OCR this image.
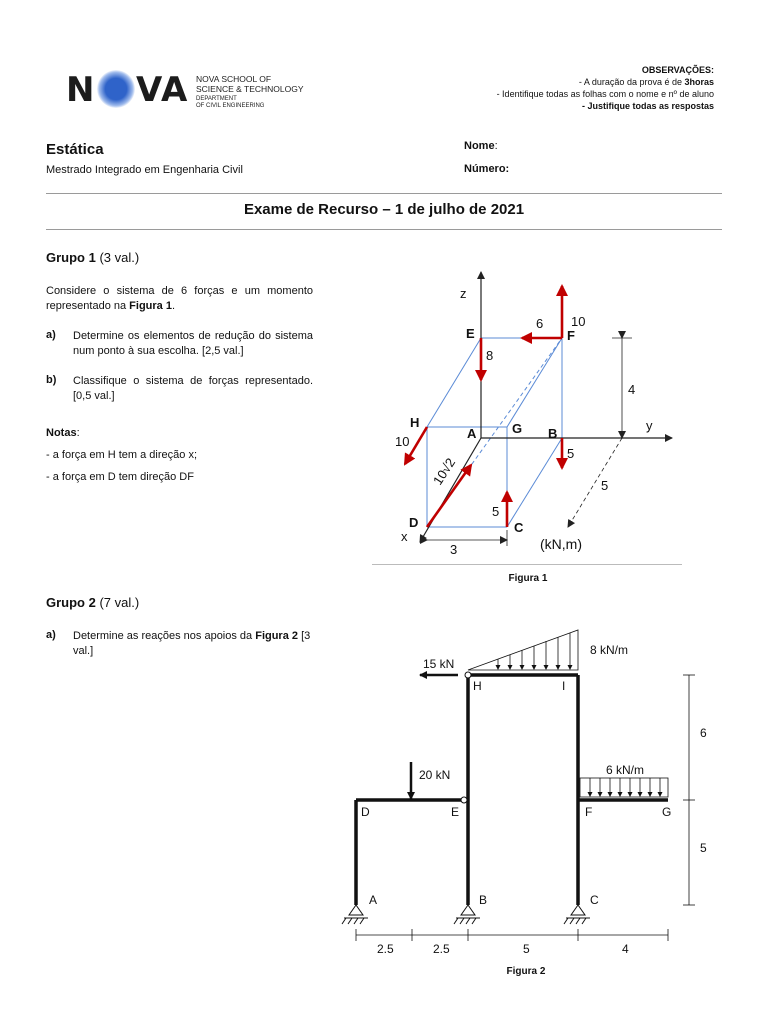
N VA NOVA SCHOOL OF
SCIENCE & TECHNOLOGY
DEPARTMENT
OF CIVIL ENGINEERING
OBSERVAÇÕES:
- A duração da prova é de 3horas
- Identifique todas as folhas com o nome e nº de aluno
- Justifique todas as respostas
Estática
Mestrado Integrado em Engenharia Civil
Nome:
Número:
Exame de Recurso – 1 de julho de 2021
Grupo 1 (3 val.)
Considere o sistema de 6 forças e um momento representado na Figura 1.
a) Determine os elementos de redução do sistema num ponto à sua escolha. [2,5 val.]
b) Classifique o sistema de forças representado. [0,5 val.]
Notas:
- a força em H tem a direção x;
- a força em D tem direção DF
z
y
x
E	F
H
A	G B
D	C
4
5
3
10
6
8
10
5
5
10√2
(kN,m)
Figura 1
Grupo 2 (7 val.)
a) Determine as reações nos apoios da Figura 2 [3 val.]
15 kN
8 kN/m
20 kN	6 kN/m
H	I
D	E	F	G
A	B	C
6
5
2.5	2.5	5	4
Figura 2
